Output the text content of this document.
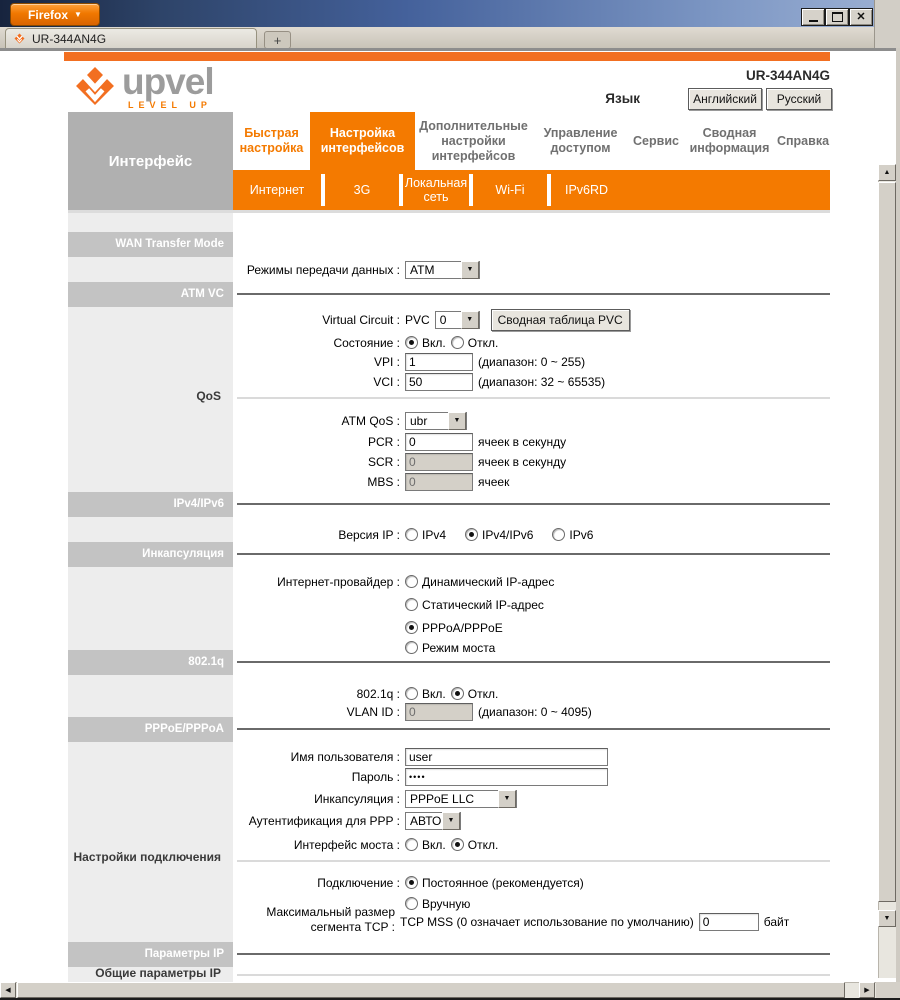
Firefox ▼	✕
UR-344AN4G	+
upvel
LEVEL UP
UR-344AN4G
Язык	Английский	Русский
Интерфейс
Быстрая настройка
Настройка интерфейсов
Дополнительные настройки интерфейсов
Управление доступом
Сервис
Сводная информация
Справка
Интернет	3G
Локальная сеть
Wi-Fi	IPv6RD
WAN Transfer Mode
ATM VC
QoS
IPv4/IPv6
Инкапсуляция
802.1q
PPPoE/PPPoA
Настройки подключения
Параметры IP
Общие параметры IP
Режимы передачи данных : ATM	▼
Virtual Circuit : PVC 0	▼	Сводная таблица PVC
Состояние :	Вкл. Откл.
VPI :
1	(диапазон: 0 ~ 255)
VCI :
50	(диапазон: 32 ~ 65535)
ATM QoS : ubr	▼
PCR :
0	ячеек в секунду
SCR :
0	ячеек в секунду
MBS :
0	ячеек
Версия IP :	IPv4	IPv4/IPv6	IPv6
Интернет-провайдер :	Динамический IP-адрес
Статический IP-адрес
PPPoA/PPPoE
Режим моста
802.1q :	Вкл. Откл.
VLAN ID :
0	(диапазон: 0 ~ 4095)
Имя пользователя :
user
Пароль :
••••
Инкапсуляция : PPPoE LLC	▼
Аутентификация для PPP : АВТО ▼
Интерфейс моста :	Вкл. Откл.
Подключение :	Постоянное (рекомендуется)
Вручную
Максимальный размер
сегмента TCP : TCP MSS (0 означает использование по умолчанию)
0	байт
▲
▼
◀	▶
